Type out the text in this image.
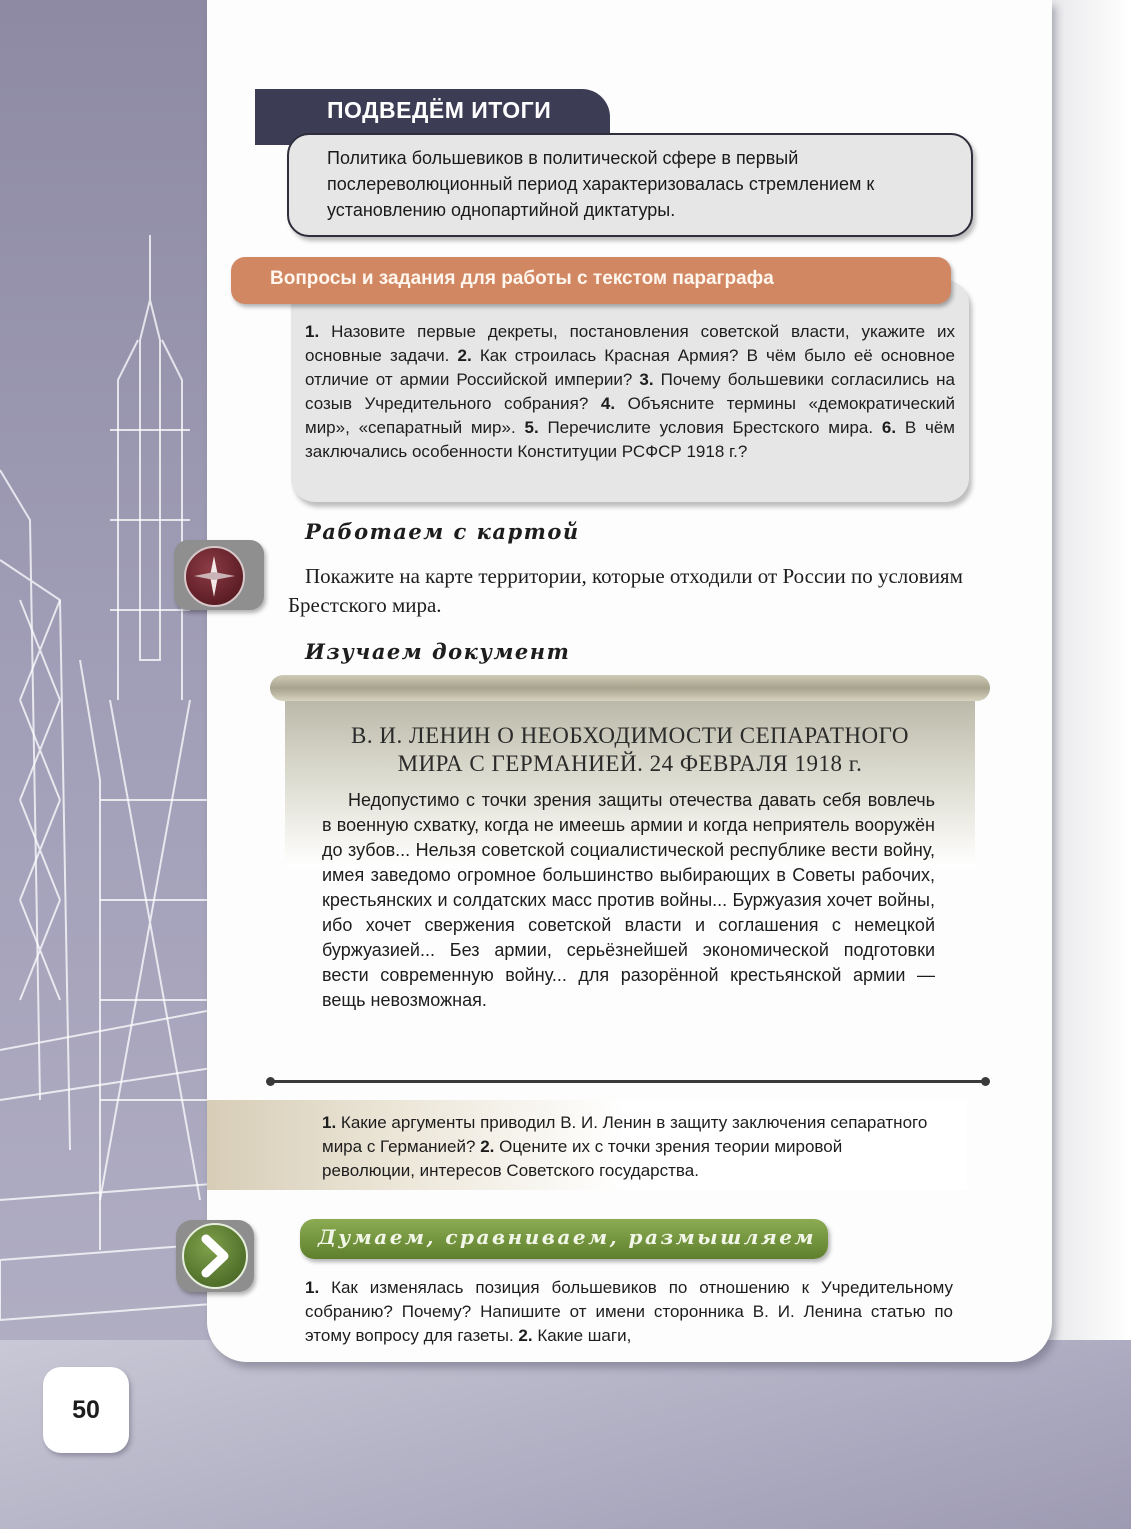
ПОДВЕДЁМ ИТОГИ
Политика большевиков в политической сфере в первый послереволюционный период характеризовалась стремлением к установлению однопартийной диктатуры.
Вопросы и задания для работы с текстом параграфа
1. Назовите первые декреты, постановления советской власти, укажите их основные задачи. 2. Как строилась Красная Армия? В чём было её основное отличие от армии Российской империи? 3. Почему большевики согласились на созыв Учредительного собрания? 4. Объясните термины «демократический мир», «сепаратный мир». 5. Перечислите условия Брестского мира. 6. В чём заключались особенности Конституции РСФСР 1918 г.?
Работаем с картой
Покажите на карте территории, которые отходили от России по условиям Брестского мира.
Изучаем документ
В. И. ЛЕНИН О НЕОБХОДИМОСТИ СЕПАРАТНОГО
МИРА С ГЕРМАНИЕЙ. 24 ФЕВРАЛЯ 1918 г.
Недопустимо с точки зрения защиты отечества давать себя вовлечь в военную схватку, когда не имеешь армии и когда неприятель вооружён до зубов... Нельзя советской социалистической республике вести войну, имея заведомо огромное большинство выбирающих в Советы рабочих, крестьянских и солдатских масс против войны... Буржуазия хочет войны, ибо хочет свержения советской власти и соглашения с немецкой буржуазией... Без армии, серьёзнейшей экономической подготовки вести современную войну... для разорённой крестьянской армии — вещь невозможная.
1. Какие аргументы приводил В. И. Ленин в защиту заключения сепаратного мира с Германией? 2. Оцените их с точки зрения теории мировой революции, интересов Советского государства.
Думаем, сравниваем, размышляем
1. Как изменялась позиция большевиков по отношению к Учредительному собранию? Почему? Напишите от имени сторонника В. И. Ленина статью по этому вопросу для газеты. 2. Какие шаги,
50
